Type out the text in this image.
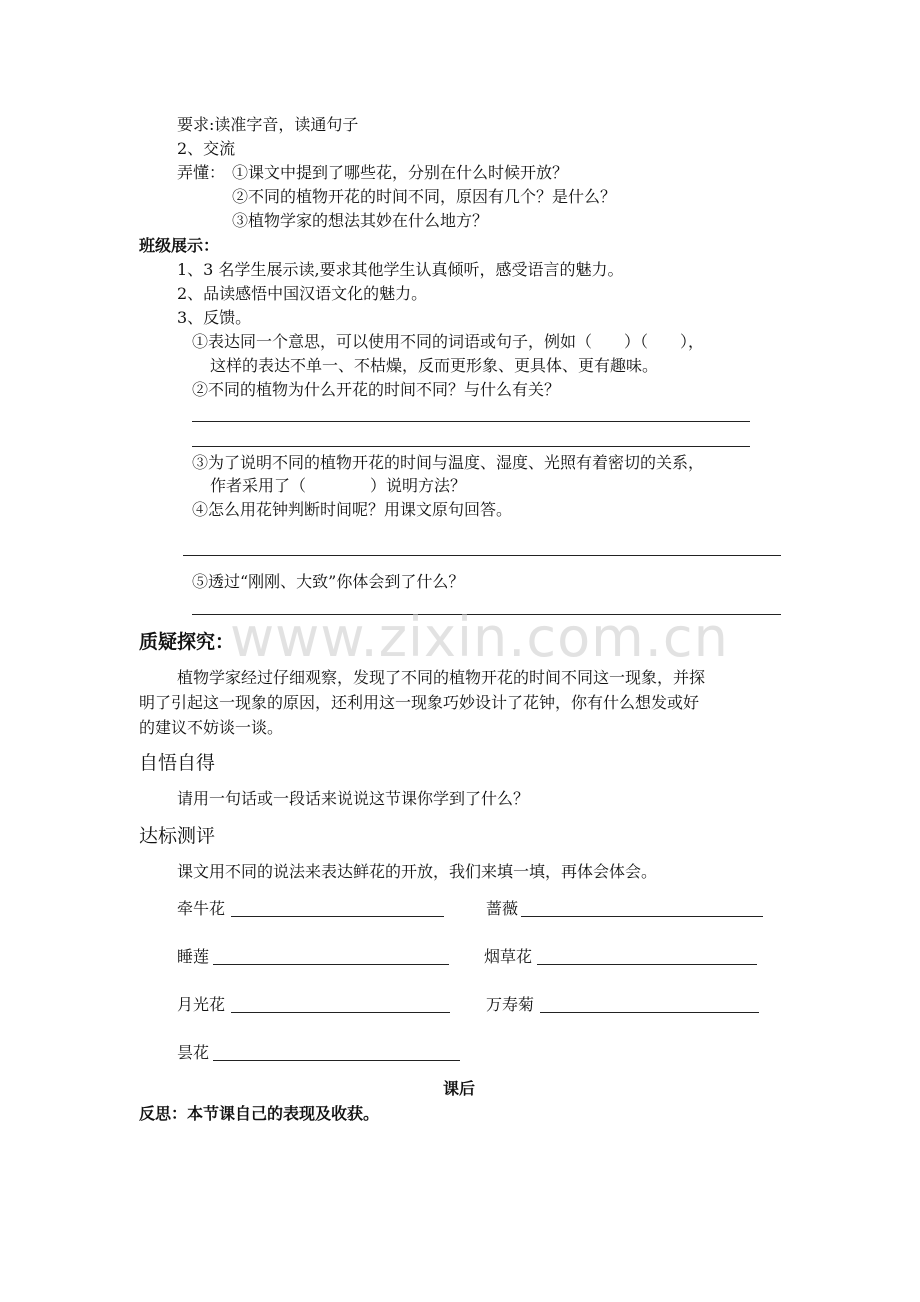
要求:读准字音，读通句子
2、交流
弄懂： ①课文中提到了哪些花，分别在什么时候开放？
②不同的植物开花的时间不同，原因有几个？是什么？
③植物学家的想法其妙在什么地方？
班级展示：
1、3 名学生展示读,要求其他学生认真倾听，感受语言的魅力。
2、品读感悟中国汉语文化的魅力。
3、反馈。
①表达同一个意思，可以使用不同的词语或句子，例如（　　）（　　），
这样的表达不单一、不枯燥，反而更形象、更具体、更有趣味。
②不同的植物为什么开花的时间不同？与什么有关？
③为了说明不同的植物开花的时间与温度、湿度、光照有着密切的关系，
作者采用了（　　　　）说明方法？
④怎么用花钟判断时间呢？用课文原句回答。
⑤透过“刚刚、大致”你体会到了什么？
www.zixin.com.cn
质疑探究：
植物学家经过仔细观察，发现了不同的植物开花的时间不同这一现象，并探
明了引起这一现象的原因，还利用这一现象巧妙设计了花钟，你有什么想发或好
的建议不妨谈一谈。
自悟自得
请用一句话或一段话来说说这节课你学到了什么？
达标测评
课文用不同的说法来表达鲜花的开放，我们来填一填，再体会体会。
牵牛花	蔷薇
睡莲	烟草花
月光花	万寿菊
昙花
课后
反思：本节课自己的表现及收获。
